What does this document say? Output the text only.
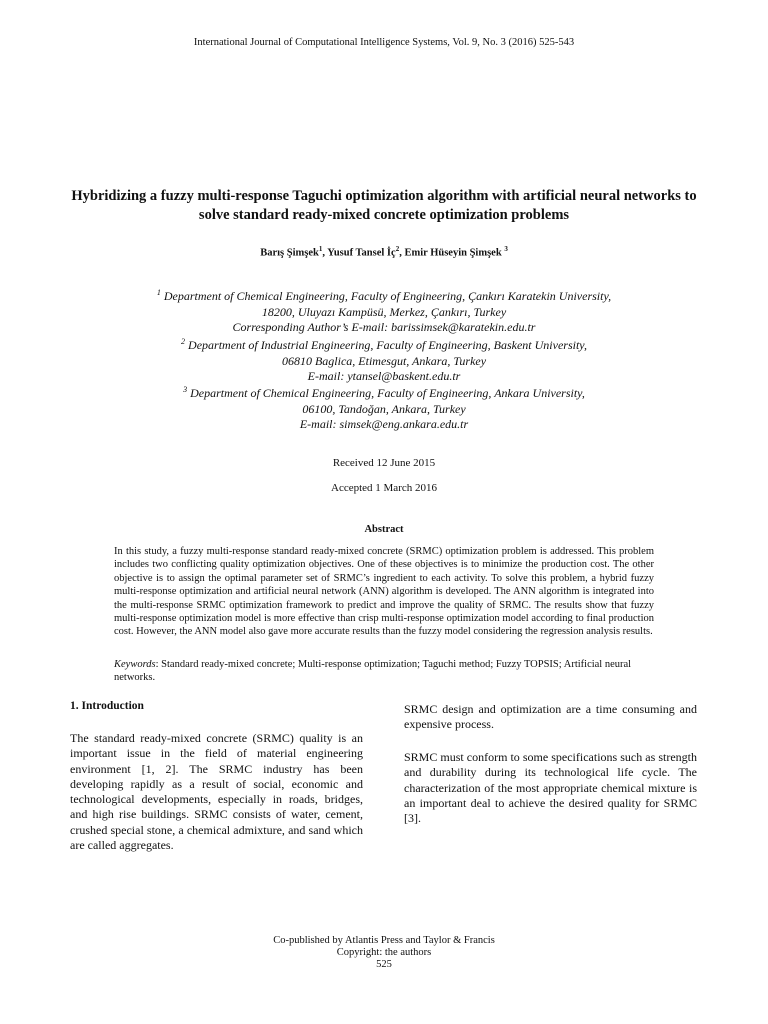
International Journal of Computational Intelligence Systems, Vol. 9, No. 3 (2016) 525-543
Hybridizing a fuzzy multi-response Taguchi optimization algorithm with artificial neural networks to solve standard ready-mixed concrete optimization problems
Barış Şimşek$^1$, Yusuf Tansel $İç^2$, Emir Hüseyin Şimşek $^3$
$^1$ Department of Chemical Engineering, Faculty of Engineering, Çankırı Karatekin University,
18200, Uluyazı Kampüsü, Merkez, Çankırı, Turkey
Corresponding Author’s E-mail: barissimsek@karatekin.edu.tr
$^2$ Department of Industrial Engineering, Faculty of Engineering, Baskent University,
06810 Baglica, Etimesgut, Ankara, Turkey
E-mail: ytansel@baskent.edu.tr
$^3$ Department of Chemical Engineering, Faculty of Engineering, Ankara University,
06100, Tandoğan, Ankara, Turkey
E-mail: simsek@eng.ankara.edu.tr
Received 12 June 2015
Accepted 1 March 2016
Abstract
In this study, a fuzzy multi-response standard ready-mixed concrete (SRMC) optimization problem is addressed. This problem includes two conflicting quality optimization objectives. One of these objectives is to minimize the production cost. The other objective is to assign the optimal parameter set of SRMC’s ingredient to each activity. To solve this problem, a hybrid fuzzy multi-response optimization and artificial neural network (ANN) algorithm is developed. The ANN algorithm is integrated into the multi-response SRMC optimization framework to predict and improve the quality of SRMC. The results show that fuzzy multi-response optimization model is more effective than crisp multi-response optimization model according to final production cost. However, the ANN model also gave more accurate results than the fuzzy model considering the regression analysis results.
Keywords: Standard ready-mixed concrete; Multi-response optimization; Taguchi method; Fuzzy TOPSIS; Artificial neural networks.
1. Introduction
The standard ready-mixed concrete (SRMC) quality is an important issue in the field of material engineering environment [1, 2]. The SRMC industry has been developing rapidly as a result of social, economic and technological developments, especially in roads, bridges, and high rise buildings. SRMC consists of water, cement, crushed special stone, a chemical admixture, and sand which are called aggregates.
SRMC design and optimization are a time consuming and expensive process.
SRMC must conform to some specifications such as strength and durability during its technological life cycle. The characterization of the most appropriate chemical mixture is an important deal to achieve the desired quality for SRMC [3].
Co-published by Atlantis Press and Taylor & Francis
Copyright: the authors
525
